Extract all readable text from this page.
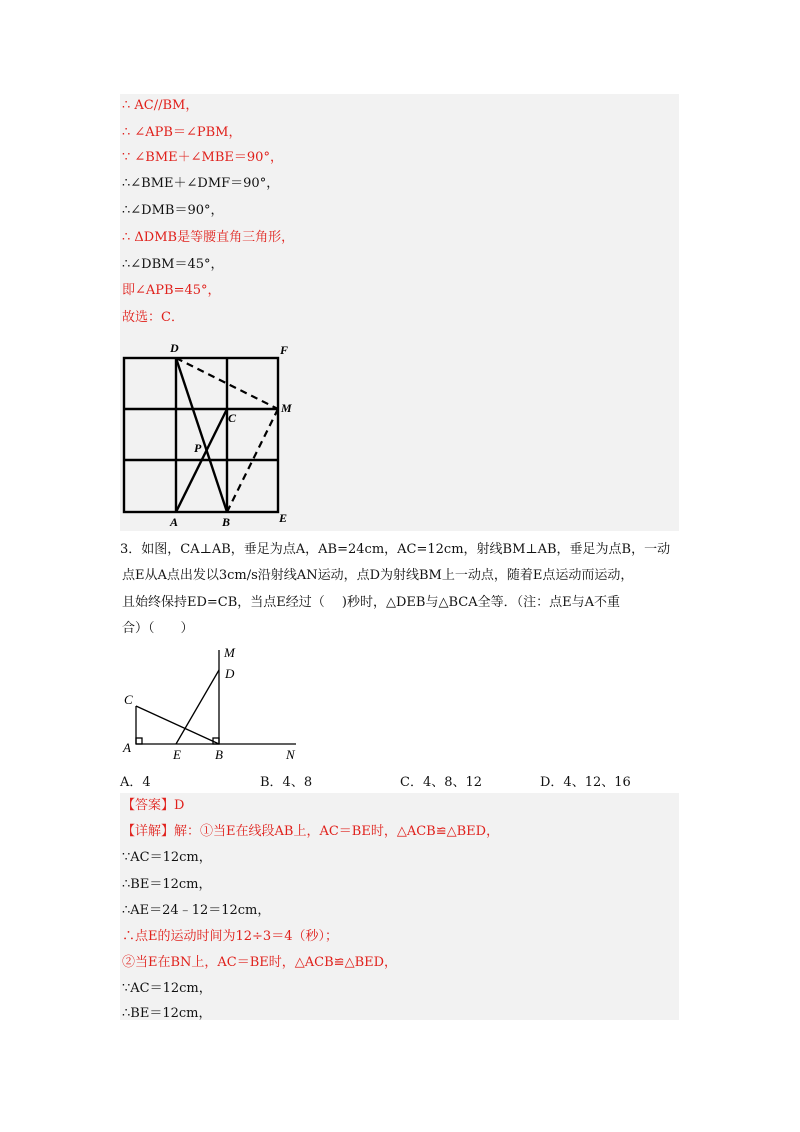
∴ AC//BM，
∴ ∠APB＝∠PBM，
∵ ∠BME＋∠MBE＝90°，
∴∠BME＋∠DMF＝90°，
∴∠DMB＝90°，
∴ ΔDMB是等腰直角三角形，
∴∠DBM＝45°，
即∠APB=45°，
故选：C．
D	F
C
M
P
A	B	E
3．如图，CA⊥AB，垂足为点A，AB=24cm，AC=12cm，射线BM⊥AB，垂足为点B，一动
点E从A点出发以3cm/s沿射线AN运动，点D为射线BM上一动点，随着E点运动而运动，
且始终保持ED=CB，当点E经过（　 )秒时，△DEB与△BCA全等．（注：点E与A不重
合）（　　）
M
D
C
A	E	B	N
A．4	B．4、8	C．4、8、12	D．4、12、16
【答案】D
【详解】解：①当E在线段AB上，AC＝BE时，△ACB≌△BED，
∵AC＝12cm，
∴BE＝12cm，
∴AE＝24﹣12＝12cm，
∴点E的运动时间为12÷3＝4（秒）；
②当E在BN上，AC＝BE时，△ACB≌△BED，
∵AC＝12cm，
∴BE＝12cm，
